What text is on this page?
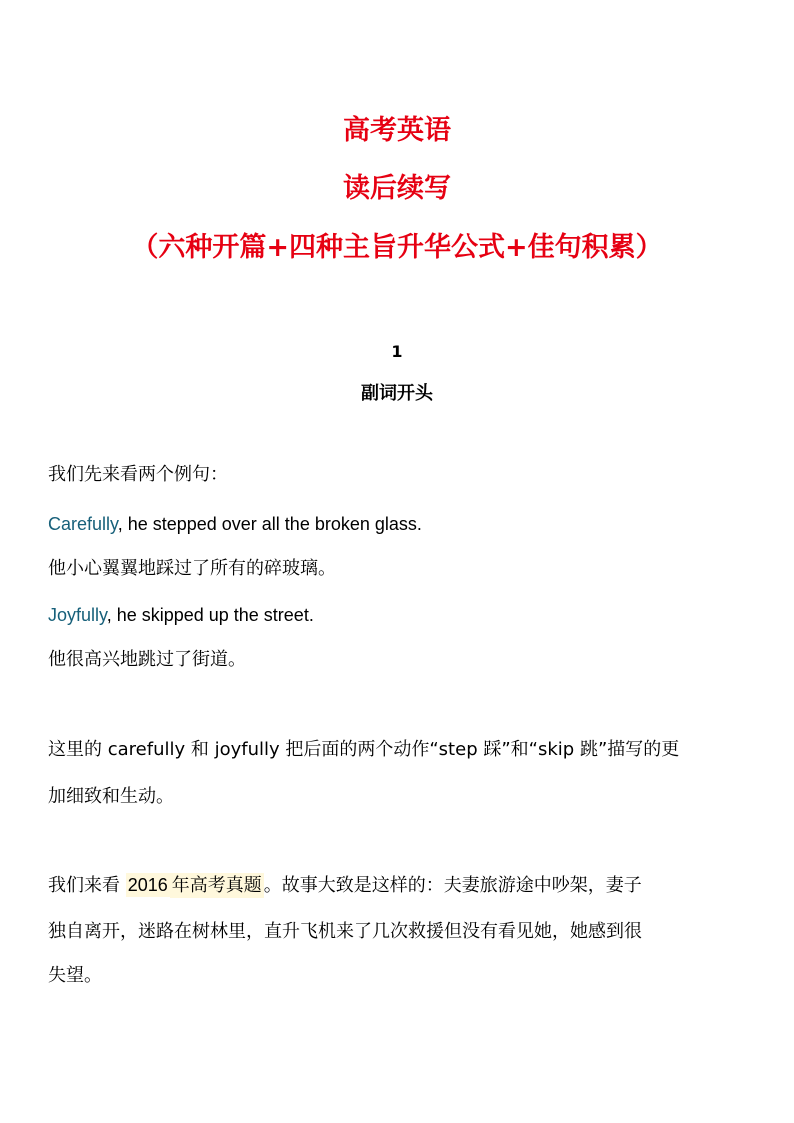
高考英语
读后续写
（六种开篇+四种主旨升华公式+佳句积累）
1
副词开头
我们先来看两个例句：
Carefully, he stepped over all the broken glass.
他小心翼翼地踩过了所有的碎玻璃。
Joyfully, he skipped up the street.
他很高兴地跳过了街道。
这里的 carefully 和 joyfully 把后面的两个动作“step 踩”和“skip 跳”描写的更
加细致和生动。
我们来看 2016 年高考真题 。故事大致是这样的：夫妻旅游途中吵架，妻子
独自离开，迷路在树林里，直升飞机来了几次救援但没有看见她，她感到很
失望。
